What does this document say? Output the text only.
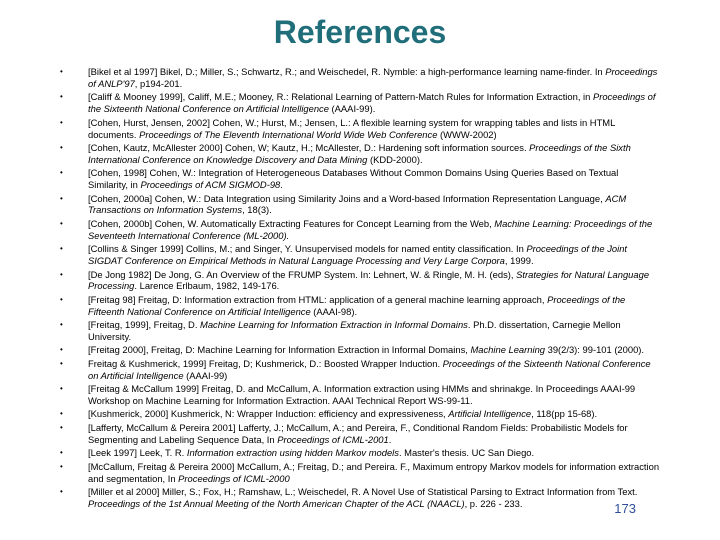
References
•	[Bikel et al 1997] Bikel, D.; Miller, S.; Schwartz, R.; and Weischedel, R. Nymble: a high-performance learning name-finder. In Proceedings of ANLP'97, p194-201.
•	[Califf & Mooney 1999], Califf, M.E.; Mooney, R.: Relational Learning of Pattern-Match Rules for Information Extraction, in Proceedings of the Sixteenth National Conference on Artificial Intelligence (AAAI-99).
•	[Cohen, Hurst, Jensen, 2002] Cohen, W.; Hurst, M.; Jensen, L.: A flexible learning system for wrapping tables and lists in HTML documents. Proceedings of The Eleventh International World Wide Web Conference (WWW-2002)
•	[Cohen, Kautz, McAllester 2000] Cohen, W; Kautz, H.; McAllester, D.: Hardening soft information sources. Proceedings of the Sixth International Conference on Knowledge Discovery and Data Mining (KDD-2000).
•	[Cohen, 1998] Cohen, W.: Integration of Heterogeneous Databases Without Common Domains Using Queries Based on Textual Similarity, in Proceedings of ACM SIGMOD-98.
•	[Cohen, 2000a] Cohen, W.: Data Integration using Similarity Joins and a Word-based Information Representation Language, ACM Transactions on Information Systems, 18(3).
•	[Cohen, 2000b] Cohen, W. Automatically Extracting Features for Concept Learning from the Web, Machine Learning: Proceedings of the Seventeeth International Conference (ML-2000).
•	[Collins & Singer 1999] Collins, M.; and Singer, Y. Unsupervised models for named entity classification. In Proceedings of the Joint SIGDAT Conference on Empirical Methods in Natural Language Processing and Very Large Corpora, 1999.
•	[De Jong 1982] De Jong, G. An Overview of the FRUMP System. In: Lehnert, W. & Ringle, M. H. (eds), Strategies for Natural Language Processing. Larence Erlbaum, 1982, 149-176.
•	[Freitag 98] Freitag, D: Information extraction from HTML: application of a general machine learning approach, Proceedings of the Fifteenth National Conference on Artificial Intelligence (AAAI-98).
•	[Freitag, 1999], Freitag, D. Machine Learning for Information Extraction in Informal Domains. Ph.D. dissertation, Carnegie Mellon University.
•	[Freitag 2000], Freitag, D: Machine Learning for Information Extraction in Informal Domains, Machine Learning 39(2/3): 99-101 (2000).
•	Freitag & Kushmerick, 1999] Freitag, D; Kushmerick, D.: Boosted Wrapper Induction. Proceedings of the Sixteenth National Conference on Artificial Intelligence (AAAI-99)
•	[Freitag & McCallum 1999] Freitag, D. and McCallum, A. Information extraction using HMMs and shrinakge. In Proceedings AAAI-99 Workshop on Machine Learning for Information Extraction. AAAI Technical Report WS-99-11.
•	[Kushmerick, 2000] Kushmerick, N: Wrapper Induction: efficiency and expressiveness, Artificial Intelligence, 118(pp 15-68).
•	[Lafferty, McCallum & Pereira 2001] Lafferty, J.; McCallum, A.; and Pereira, F., Conditional Random Fields: Probabilistic Models for Segmenting and Labeling Sequence Data, In Proceedings of ICML-2001.
•	[Leek 1997] Leek, T. R. Information extraction using hidden Markov models. Master's thesis. UC San Diego.
•	[McCallum, Freitag & Pereira 2000] McCallum, A.; Freitag, D.; and Pereira. F., Maximum entropy Markov models for information extraction and segmentation, In Proceedings of ICML-2000
•	[Miller et al 2000] Miller, S.; Fox, H.; Ramshaw, L.; Weischedel, R. A Novel Use of Statistical Parsing to Extract Information from Text. Proceedings of the 1st Annual Meeting of the North American Chapter of the ACL (NAACL), p. 226 - 233.	173
